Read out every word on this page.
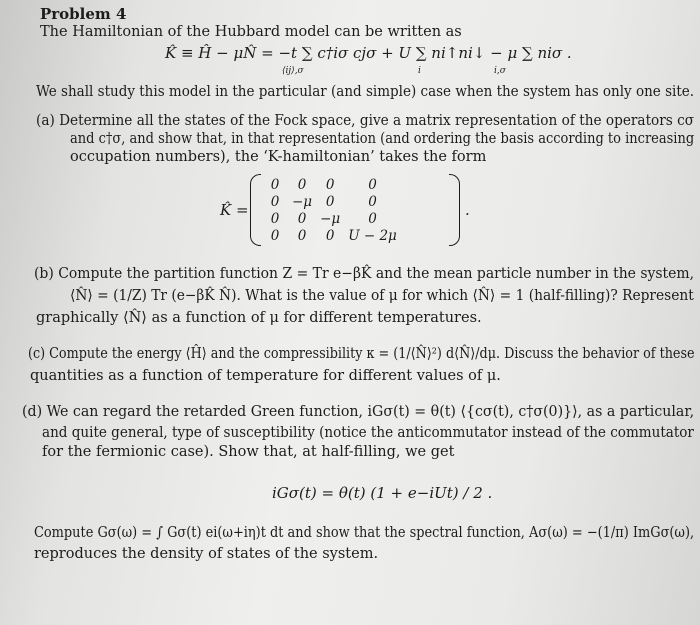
Problem 4
The Hamiltonian of the Hubbard model can be written as
K̂ ≡ Ĥ − μN̂ = −t ∑ c†iσ cjσ + U ∑ ni↑ni↓ − μ ∑ niσ .
⟨ij⟩,σ	i	i,σ
We shall study this model in the particular (and simple) case when the system has only one site.
(a) Determine all the states of the Fock space, give a matrix representation of the operators cσ
and c†σ, and show that, in that representation (and ordering the basis according to increasing
occupation numbers), the ‘K-hamiltonian’ takes the form
K̂ =
0	0	0	0
0	−μ	0	0
0	0	−μ	0
0	0	0	U − 2μ
.
(b) Compute the partition function Z = Tr e−βK̂ and the mean particle number in the system,
⟨N̂⟩ = (1/Z) Tr (e−βK̂ N̂). What is the value of μ for which ⟨N̂⟩ = 1 (half-filling)? Represent
graphically ⟨N̂⟩ as a function of μ for different temperatures.
(c) Compute the energy ⟨Ĥ⟩ and the compressibility κ = (1/⟨N̂⟩²) d⟨N̂⟩/dμ. Discuss the behavior of these
quantities as a function of temperature for different values of μ.
(d) We can regard the retarded Green function, iGσ(t) = θ(t) ⟨{cσ(t), c†σ(0)}⟩, as a particular,
and quite general, type of susceptibility (notice the anticommutator instead of the commutator
for the fermionic case). Show that, at half-filling, we get
iGσ(t) = θ(t) (1 + e−iUt) / 2 .
Compute Gσ(ω) = ∫ Gσ(t) ei(ω+iη)t dt and show that the spectral function, Aσ(ω) = −(1/π) ImGσ(ω),
reproduces the density of states of the system.
